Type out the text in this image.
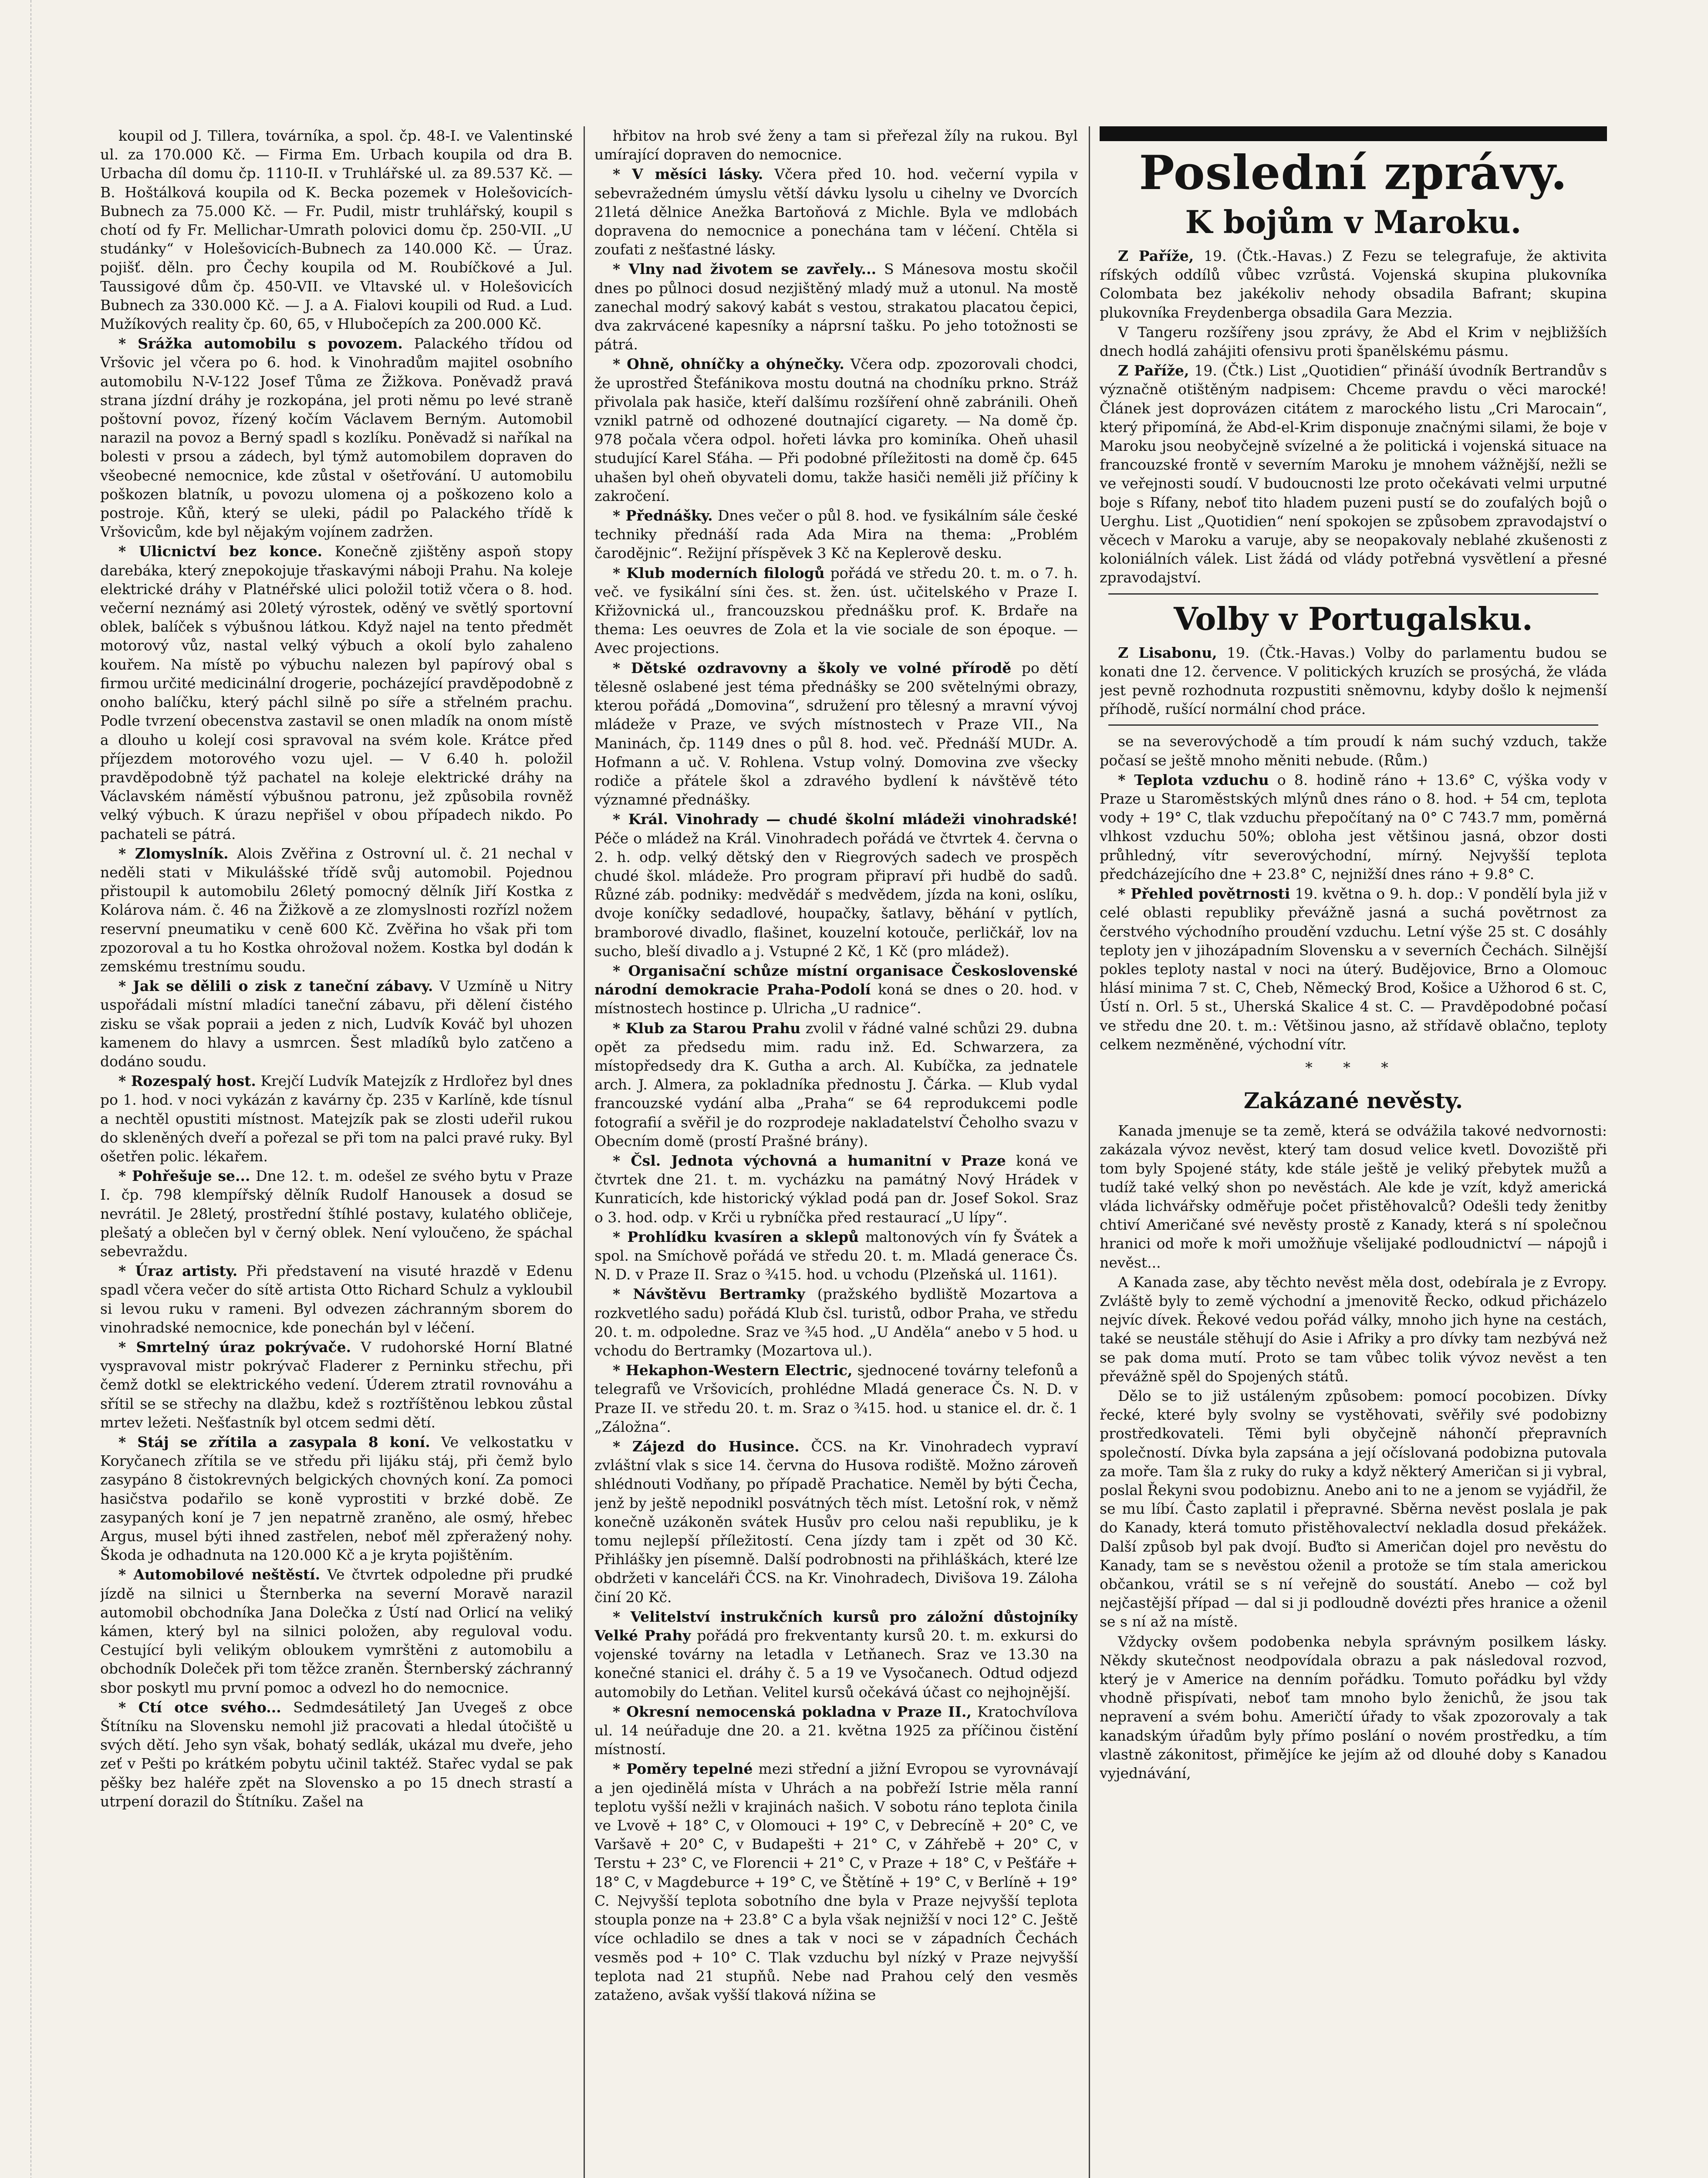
koupil od J. Tillera, továrníka, a spol. čp. 48-I. ve Valentinské ul. za 170.000 Kč. — Firma Em. Urbach koupila od dra B. Urbacha díl domu čp. 1110-II. v Truhlářské ul. za 89.537 Kč. — B. Hoštálková koupila od K. Becka pozemek v Holešovicích-Bubnech za 75.000 Kč. — Fr. Pudil, mistr truhlářský, koupil s chotí od fy Fr. Mellichar-Umrath polovici domu čp. 250-VII. „U studánky“ v Holešovicích-Bubnech za 140.000 Kč. — Úraz. pojišť. děln. pro Čechy koupila od M. Roubíčkové a Jul. Taussigové dům čp. 450-VII. ve Vltavské ul. v Holešovicích Bubnech za 330.000 Kč. — J. a A. Fialovi koupili od Rud. a Lud. Mužíkových reality čp. 60, 65, v Hlubočepích za 200.000 Kč.

* Srážka automobilu s povozem. Palackého třídou od Vršovic jel včera po 6. hod. k Vinohradům majitel osobního automobilu N-V-122 Josef Tůma ze Žižkova. Poněvadž pravá strana jízdní dráhy je rozkopána, jel proti němu po levé straně poštovní povoz, řízený kočím Václavem Berným. Automobil narazil na povoz a Berný spadl s kozlíku. Poněvadž si naříkal na bolesti v prsou a zádech, byl týmž automobilem dopraven do všeobecné nemocnice, kde zůstal v ošetřování. U automobilu poškozen blatník, u povozu ulomena oj a poškozeno kolo a postroje. Kůň, který se uleki, pádil po Palackého třídě k Vršovicům, kde byl nějakým vojínem zadržen.

* Ulicnictví bez konce. Konečně zjištěny aspoň stopy darebáka, který znepokojuje třaskavými náboji Prahu. Na koleje elektrické dráhy v Platnéřské ulici položil totiž včera o 8. hod. večerní neznámý asi 20letý výrostek, oděný ve světlý sportovní oblek, balíček s výbušnou látkou. Když najel na tento předmět motorový vůz, nastal velký výbuch a okolí bylo zahaleno kouřem. Na místě po výbuchu nalezen byl papírový obal s firmou určité medicinální drogerie, pocházející pravděpodobně z onoho balíčku, který páchl silně po síře a střelném prachu. Podle tvrzení obecenstva zastavil se onen mladík na onom místě a dlouho u kolejí cosi spravoval na svém kole. Krátce před příjezdem motorového vozu ujel. — V 6.40 h. položil pravděpodobně týž pachatel na koleje elektrické dráhy na Václavském náměstí výbušnou patronu, jež způsobila rovněž velký výbuch. K úrazu nepřišel v obou případech nikdo. Po pachateli se pátrá.

* Zlomyslník. Alois Zvěřina z Ostrovní ul. č. 21 nechal v neděli stati v Mikulášské třídě svůj automobil. Pojednou přistoupil k automobilu 26letý pomocný dělník Jiří Kostka z Kolárova nám. č. 46 na Žižkově a ze zlomyslnosti rozřízl nožem reservní pneumatiku v ceně 600 Kč. Zvěřina ho však při tom zpozoroval a tu ho Kostka ohrožoval nožem. Kostka byl dodán k zemskému trestnímu soudu.

* Jak se dělili o zisk z taneční zábavy. V Uzmíně u Nitry uspořádali místní mladíci taneční zábavu, při dělení čistého zisku se však popraii a jeden z nich, Ludvík Kováč byl uhozen kamenem do hlavy a usmrcen. Šest mladíků bylo zatčeno a dodáno soudu.

* Rozespalý host. Krejčí Ludvík Matejzík z Hrdlořez byl dnes po 1. hod. v noci vykázán z kavárny čp. 235 v Karlíně, kde tísnul a nechtěl opustiti místnost. Matejzík pak se zlosti udeřil rukou do skleněných dveří a pořezal se při tom na palci pravé ruky. Byl ošetřen polic. lékařem.

* Pohřešuje se... Dne 12. t. m. odešel ze svého bytu v Praze I. čp. 798 klempířský dělník Rudolf Hanousek a dosud se nevrátil. Je 28letý, prostřední štíhlé postavy, kulatého obličeje, plešatý a oblečen byl v černý oblek. Není vyloučeno, že spáchal sebevraždu.

* Úraz artisty. Při představení na visuté hrazdě v Edenu spadl včera večer do sítě artista Otto Richard Schulz a vykloubil si levou ruku v rameni. Byl odvezen záchranným sborem do vinohradské nemocnice, kde ponechán byl v léčení.

* Smrtelný úraz pokrývače. V rudohorské Horní Blatné vyspravoval mistr pokrývač Fladerer z Perninku střechu, při čemž dotkl se elektrického vedení. Úderem ztratil rovnováhu a sřítil se se střechy na dlažbu, kdež s roztříštěnou lebkou zůstal mrtev ležeti. Nešťastník byl otcem sedmi dětí.

* Stáj se zřítila a zasypala 8 koní. Ve velkostatku v Koryčanech zřítila se ve středu při lijáku stáj, při čemž bylo zasypáno 8 čistokrevných belgických chovných koní. Za pomoci hasičstva podařilo se koně vyprostiti v brzké době. Ze zasypaných koní je 7 jen nepatrně zraněno, ale osmý, hřebec Argus, musel býti ihned zastřelen, neboť měl zpřeražený nohy. Škoda je odhadnuta na 120.000 Kč a je kryta pojištěním.

* Automobilové neštěstí. Ve čtvrtek odpoledne při prudké jízdě na silnici u Šternberka na severní Moravě narazil automobil obchodníka Jana Dolečka z Ústí nad Orlicí na veliký kámen, který byl na silnici položen, aby reguloval vodu. Cestující byli velikým obloukem vymrštěni z automobilu a obchodník Doleček při tom těžce zraněn. Šternberský záchranný sbor poskytl mu první pomoc a odvezl ho do nemocnice.

* Ctí otce svého... Sedmdesátiletý Jan Uvegeš z obce Štítníku na Slovensku nemohl již pracovati a hledal útočiště u svých dětí. Jeho syn však, bohatý sedlák, ukázal mu dveře, jeho zeť v Pešti po krátkém pobytu učinil taktéž. Stařec vydal se pak pěšky bez haléře zpět na Slovensko a po 15 dnech strastí a utrpení dorazil do Štítníku. Zašel na

hřbitov na hrob své ženy a tam si přeřezal žíly na rukou. Byl umírající dopraven do nemocnice.

* V měsíci lásky. Včera před 10. hod. večerní vypila v sebevražedném úmyslu větší dávku lysolu u cihelny ve Dvorcích 21letá dělnice Anežka Bartoňová z Michle. Byla ve mdlobách dopravena do nemocnice a ponechána tam v léčení. Chtěla si zoufati z nešťastné lásky.

* Vlny nad životem se zavřely... S Mánesova mostu skočil dnes po půlnoci dosud nezjištěný mladý muž a utonul. Na mostě zanechal modrý sakový kabát s vestou, strakatou placatou čepici, dva zakrvácené kapesníky a náprsní tašku. Po jeho totožnosti se pátrá.

* Ohně, ohníčky a ohýnečky. Včera odp. zpozorovali chodci, že uprostřed Štefánikova mostu doutná na chodníku prkno. Stráž přivolala pak hasiče, kteří dalšímu rozšíření ohně zabránili. Oheň vznikl patrně od odhozené doutnající cigarety. — Na domě čp. 978 počala včera odpol. hořeti lávka pro kominíka. Oheň uhasil studující Karel Sťáha. — Při podobné příležitosti na domě čp. 645 uhašen byl oheň obyvateli domu, takže hasiči neměli již příčiny k zakročení.

* Přednášky. Dnes večer o půl 8. hod. ve fysikálním sále české techniky přednáší rada Ada Mira na thema: „Problém čarodějnic“. Režijní příspěvek 3 Kč na Keplerově desku.

* Klub moderních filologů pořádá ve středu 20. t. m. o 7. h. več. ve fysikální síni čes. st. žen. úst. učitelského v Praze I. Křižovnická ul., francouzskou přednášku prof. K. Brdaře na thema: Les oeuvres de Zola et la vie sociale de son époque. — Avec projections.

* Dětské ozdravovny a školy ve volné přírodě po dětí tělesně oslabené jest téma přednášky se 200 světelnými obrazy, kterou pořádá „Domovina“, sdružení pro tělesný a mravní vývoj mládeže v Praze, ve svých místnostech v Praze VII., Na Maninách, čp. 1149 dnes o půl 8. hod. več. Přednáší MUDr. A. Hofmann a uč. V. Rohlena. Vstup volný. Domovina zve všecky rodiče a přátele škol a zdravého bydlení k návštěvě této významné přednášky.

* Král. Vinohrady — chudé školní mládeži vinohradské! Péče o mládež na Král. Vinohradech pořádá ve čtvrtek 4. června o 2. h. odp. velký dětský den v Riegrových sadech ve prospěch chudé škol. mládeže. Pro program připraví při hudbě do sadů. Různé záb. podniky: medvědář s medvědem, jízda na koni, oslíku, dvoje koníčky sedadlové, houpačky, šatlavy, běhání v pytlích, bramborové divadlo, flašinet, kouzelní kotouče, perličkář, lov na sucho, bleší divadlo a j. Vstupné 2 Kč, 1 Kč (pro mládež).

* Organisační schůze místní organisace Československé národní demokracie Praha-Podolí koná se dnes o 20. hod. v místnostech hostince p. Ulricha „U radnice“.

* Klub za Starou Prahu zvolil v řádné valné schůzi 29. dubna opět za předsedu mim. radu inž. Ed. Schwarzera, za místopředsedy dra K. Gutha a arch. Al. Kubíčka, za jednatele arch. J. Almera, za pokladníka přednostu J. Čárka. — Klub vydal francouzské vydání alba „Praha“ se 64 reprodukcemi podle fotografií a svěřil je do rozprodeje nakladatelství Čeholho svazu v Obecním domě (prostí Prašné brány).

* Čsl. Jednota výchovná a humanitní v Praze koná ve čtvrtek dne 21. t. m. vycházku na památný Nový Hrádek v Kunraticích, kde historický výklad podá pan dr. Josef Sokol. Sraz o 3. hod. odp. v Krči u rybníčka před restaurací „U lípy“.

* Prohlídku kvasíren a sklepů maltonových vín fy Švátek a spol. na Smíchově pořádá ve středu 20. t. m. Mladá generace Čs. N. D. v Praze II. Sraz o ¾15. hod. u vchodu (Plzeňská ul. 1161).

* Návštěvu Bertramky (pražského bydliště Mozartova a rozkvetlého sadu) pořádá Klub čsl. turistů, odbor Praha, ve středu 20. t. m. odpoledne. Sraz ve ¾5 hod. „U Anděla“ anebo v 5 hod. u vchodu do Bertramky (Mozartova ul.).

* Hekaphon-Western Electric, sjednocené továrny telefonů a telegrafů ve Vršovicích, prohlédne Mladá generace Čs. N. D. v Praze II. ve středu 20. t. m. Sraz o ¾15. hod. u stanice el. dr. č. 1 „Záložna“.

* Zájezd do Husince. ČCS. na Kr. Vinohradech vypraví zvláštní vlak s sice 14. června do Husova rodiště. Možno zároveň shlédnouti Vodňany, po případě Prachatice. Neměl by býti Čecha, jenž by ještě nepodnikl posvátných těch míst. Letošní rok, v němž konečně uzákoněn svátek Husův pro celou naši republiku, je k tomu nejlepší příležitostí. Cena jízdy tam i zpět od 30 Kč. Přihlášky jen písemně. Další podrobnosti na přihláškách, které lze obdržeti v kanceláři ČCS. na Kr. Vinohradech, Divišova 19. Záloha činí 20 Kč.

* Velitelství instrukčních kursů pro záložní důstojníky Velké Prahy pořádá pro frekventanty kursů 20. t. m. exkursi do vojenské továrny na letadla v Letňanech. Sraz ve 13.30 na konečné stanici el. dráhy č. 5 a 19 ve Vysočanech. Odtud odjezd automobily do Letňan. Velitel kursů očekává účast co nejhojnější.

* Okresní nemocenská pokladna v Praze II., Kratochvílova ul. 14 neúřaduje dne 20. a 21. května 1925 za příčinou čistění místností.

* Poměry tepelné mezi střední a jižní Evropou se vyrovnávají a jen ojedinělá místa v Uhrách a na pobřeží Istrie měla ranní teplotu vyšší nežli v krajinách našich. V sobotu ráno teplota činila ve Lvově + 18° C, v Olomouci + 19° C, v Debrecíně + 20° C, ve Varšavě + 20° C, v Budapešti + 21° C, v Záhřebě + 20° C, v Terstu + 23° C, ve Florencii + 21° C, v Praze + 18° C, v Pešťáře + 18° C, v Magdeburce + 19° C, ve Štětíně + 19° C, v Berlíně + 19° C. Nejvyšší teplota sobotního dne byla v Praze nejvyšší teplota stoupla ponze na + 23.8° C a byla však nejnižší v noci 12° C. Ještě více ochladilo se dnes a tak v noci se v západních Čechách vesměs pod + 10° C. Tlak vzduchu byl nízký v Praze nejvyšší teplota nad 21 stupňů. Nebe nad Prahou celý den vesměs zataženo, avšak vyšší tlaková nížina se

Poslední zprávy.
K bojům v Maroku.

Z Paříže, 19. (Čtk.-Havas.) Z Fezu se telegrafuje, že aktivita rífských oddílů vůbec vzrůstá. Vojenská skupina plukovníka Colombata bez jakékoliv nehody obsadila Bafrant; skupina plukovníka Freydenberga obsadila Gara Mezzia.

V Tangeru rozšířeny jsou zprávy, že Abd el Krim v nejbližších dnech hodlá zahájiti ofensivu proti španělskému pásmu.

Z Paříže, 19. (Čtk.) List „Quotidien“ přináší úvodník Bertrandův s význačně otištěným nadpisem: Chceme pravdu o věci marocké! Článek jest doprovázen citátem z marockého listu „Cri Marocain“, který připomíná, že Abd-el-Krim disponuje značnými silami, že boje v Maroku jsou neobyčejně svízelné a že politická i vojenská situace na francouzské frontě v severním Maroku je mnohem vážnější, nežli se ve veřejnosti soudí. V budoucnosti lze proto očekávati velmi urputné boje s Rífany, neboť tito hladem puzeni pustí se do zoufalých bojů o Uerghu. List „Quotidien“ není spokojen se způsobem zpravodajství o věcech v Maroku a varuje, aby se neopakovaly neblahé zkušenosti z koloniálních válek. List žádá od vlády potřebná vysvětlení a přesné zpravodajství.

Volby v Portugalsku.

Z Lisabonu, 19. (Čtk.-Havas.) Volby do parlamentu budou se konati dne 12. července. V politických kruzích se prosýchá, že vláda jest pevně rozhodnuta rozpustiti sněmovnu, kdyby došlo k nejmenší příhodě, rušící normální chod práce.

se na severovýchodě a tím proudí k nám suchý vzduch, takže počasí se ještě mnoho měniti nebude. (Rům.)

* Teplota vzduchu o 8. hodině ráno + 13.6° C, výška vody v Praze u Staroměstských mlýnů dnes ráno o 8. hod. + 54 cm, teplota vody + 19° C, tlak vzduchu přepočítaný na 0° C 743.7 mm, poměrná vlhkost vzduchu 50%; obloha jest většinou jasná, obzor dosti průhledný, vítr severovýchodní, mírný. Nejvyšší teplota předcházejícího dne + 23.8° C, nejnižší dnes ráno + 9.8° C.

* Přehled povětrnosti 19. května o 9. h. dop.: V pondělí byla již v celé oblasti republiky převážně jasná a suchá povětrnost za čerstvého východního proudění vzduchu. Letní výše 25 st. C dosáhly teploty jen v jihozápadním Slovensku a v severních Čechách. Silnější pokles teploty nastal v noci na úterý. Budějovice, Brno a Olomouc hlásí minima 7 st. C, Cheb, Německý Brod, Košice a Užhorod 6 st. C, Ústí n. Orl. 5 st., Uherská Skalice 4 st. C. — Pravděpodobné počasí ve středu dne 20. t. m.: Většinou jasno, až střídavě oblačno, teploty celkem nezměněné, východní vítr.

* * *
Zakázané nevěsty.

Kanada jmenuje se ta země, která se odvážila takové nedvornosti: zakázala vývoz nevěst, který tam dosud velice kvetl. Dovoziště při tom byly Spojené státy, kde stále ještě je veliký přebytek mužů a tudíž také velký shon po nevěstách. Ale kde je vzít, když americká vláda lichvářsky odměřuje počet přistěhovalců? Odešli tedy ženitby chtiví Američané své nevěsty prostě z Kanady, která s ní společnou hranici od moře k moři umožňuje všelijaké podloudnictví — nápojů i nevěst...

A Kanada zase, aby těchto nevěst měla dost, odebírala je z Evropy. Zvláště byly to země východní a jmenovitě Řecko, odkud přicházelo nejvíc dívek. Řekové vedou pořád války, mnoho jich hyne na cestách, také se neustále stěhují do Asie i Afriky a pro dívky tam nezbývá než se pak doma mutí. Proto se tam vůbec tolik vývoz nevěst a ten převážně spěl do Spojených států.

Dělo se to již ustáleným způsobem: pomocí pocobizen. Dívky řecké, které byly svolny se vystěhovati, svěřily své podobizny prostředkovateli. Těmi byli obyčejně náhončí přepravních společností. Dívka byla zapsána a její očíslovaná podobizna putovala za moře. Tam šla z ruky do ruky a když některý Američan si ji vybral, poslal Řekyni svou podobiznu. Anebo ani to ne a jenom se vyjádřil, že se mu líbí. Často zaplatil i přepravné. Sběrna nevěst poslala je pak do Kanady, která tomuto přistěhovalectví nekladla dosud překážek. Další způsob byl pak dvojí. Buďto si Američan dojel pro nevěstu do Kanady, tam se s nevěstou oženil a protože se tím stala americkou občankou, vrátil se s ní veřejně do soustátí. Anebo — což byl nejčastější případ — dal si ji podloudně dovézti přes hranice a oženil se s ní až na místě.

Vždycky ovšem podobenka nebyla správným posilkem lásky. Někdy skutečnost neodpovídala obrazu a pak následoval rozvod, který je v Americe na denním pořádku. Tomuto pořádku byl vždy vhodně přispívati, neboť tam mnoho bylo ženichů, že jsou tak nepravení a svém bohu. Američtí úřady to však zpozorovaly a tak kanadským úřadům byly přímo poslání o novém prostředku, a tím vlastně zákonitost, přimějíce ke jejím až od dlouhé doby s Kanadou vyjednávání,
